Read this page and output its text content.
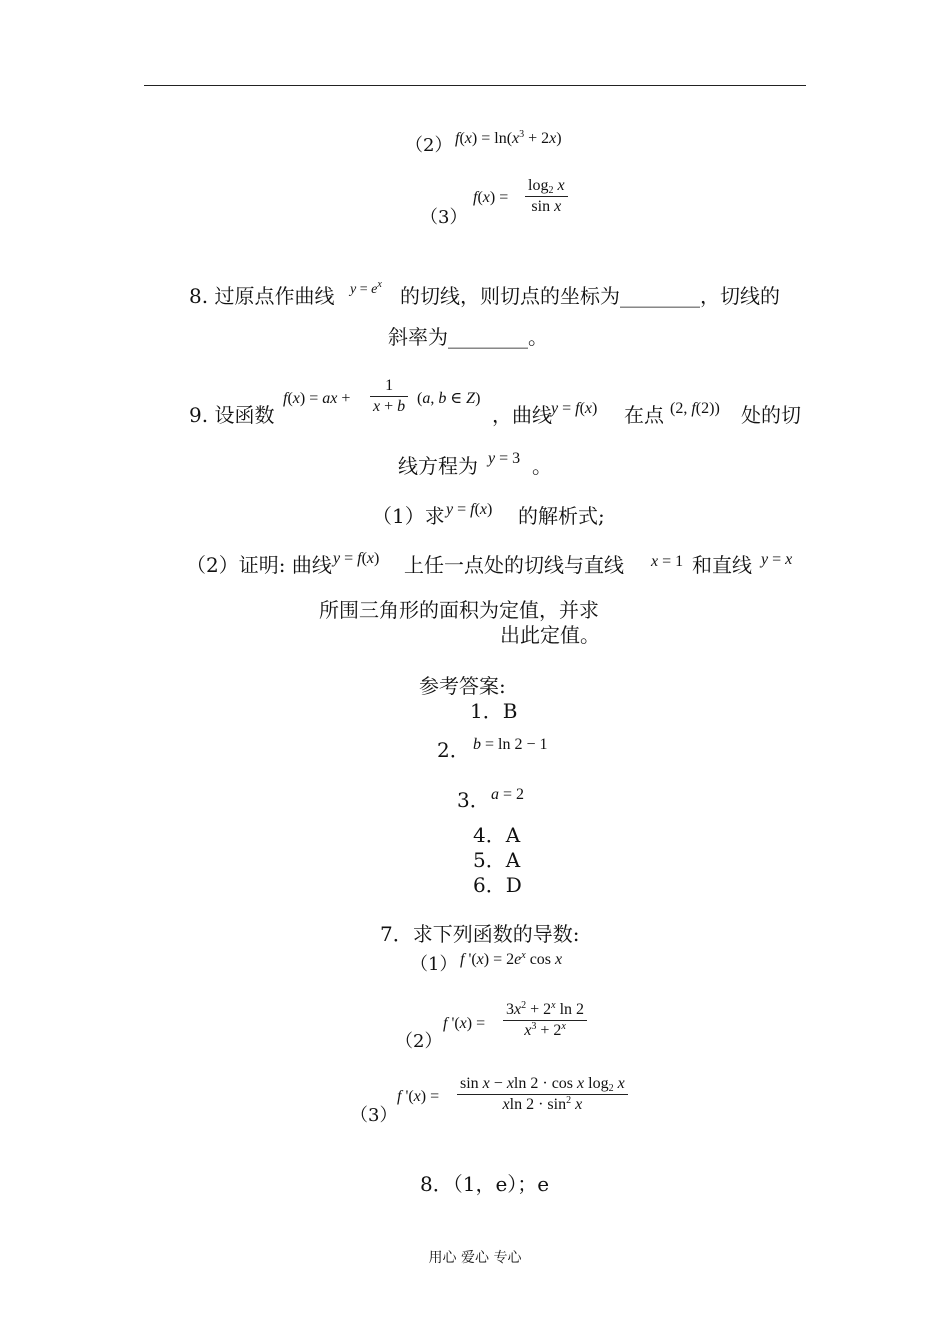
（2） $f(x) = \ln(x^3 + 2x)$
（3）
$f(x) = \frac{\log_2 x}{\text{sin x}}$
8. 过原点作曲线 $y = e^x$ 的切线，则切点的坐标为________，切线的
斜率为________。
9. 设函数
f(x) = ax + $\frac{1}{x + b} (a$, b ∈ Z)
，曲线 y = f(x) 在点 (2, f(2)) 处的切
线方程为 y = 3 。
（1）求 y = f(x) 的解析式;
（2）证明: 曲线 y = f(x) 上任一点处的切线与直线 x = 1 和直线 y = x
所围三角形的面积为定值，并求
出此定值。
参考答案:
1．B
2． b = ln 2 − 1
3． a = 2
4．A
5．A
6．D
7．求下列函数的导数:
（1） f '$(x) = 2e^x$ cos x
（2）
f '$(x) = \frac{3x^2 + 2^x \ln 2}{x^3 + 2^x}$
（3）
f '$(x) = \frac{\sin x - xln 2 \cdot \cos x \log_2 x}{xln 2 \cdot \sin^2 x}$
8．（1，e）；e
用心 爱心 专心
